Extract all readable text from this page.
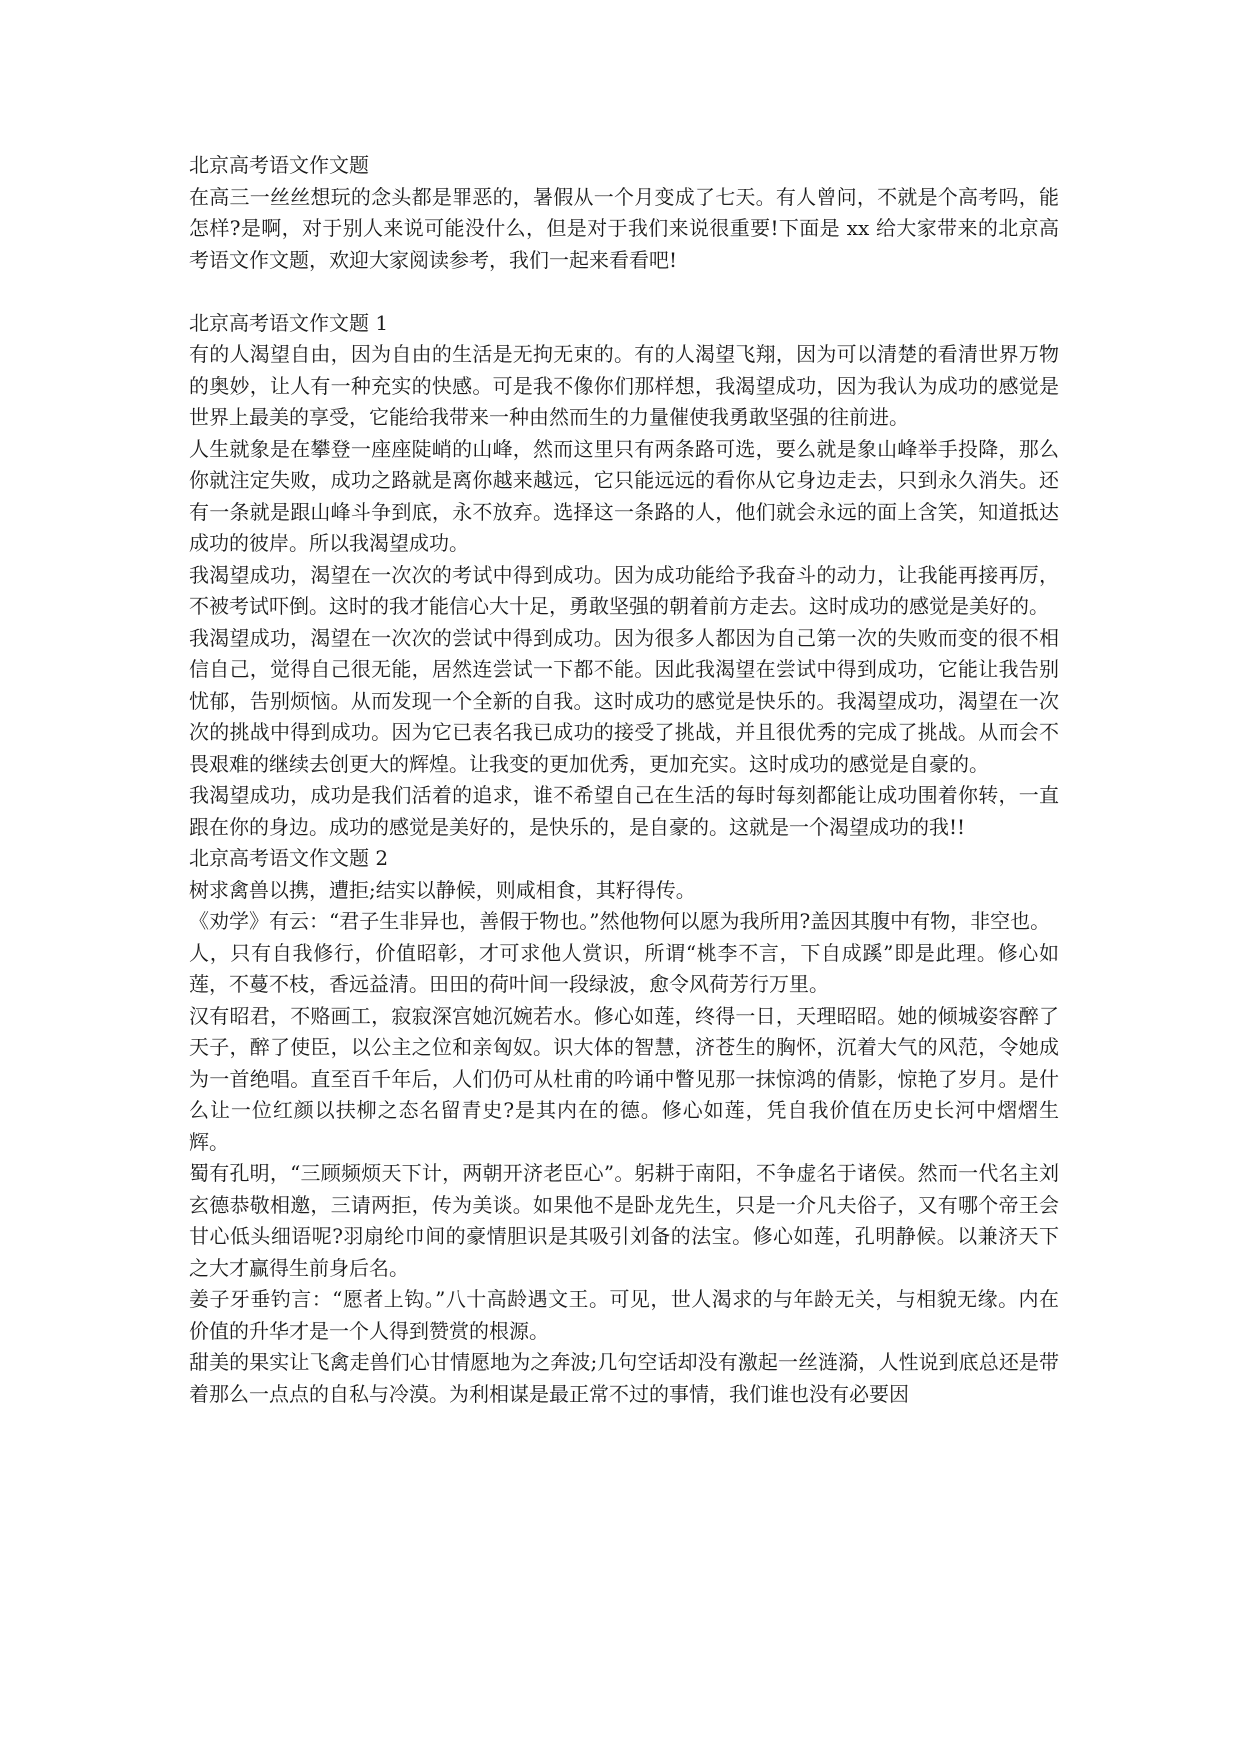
北京高考语文作文题

在高三一丝丝想玩的念头都是罪恶的，暑假从一个月变成了七天。有人曾问，不就是个高考吗，能怎样?是啊，对于别人来说可能没什么，但是对于我们来说很重要!下面是 xx 给大家带来的北京高考语文作文题，欢迎大家阅读参考，我们一起来看看吧!

北京高考语文作文题 1

有的人渴望自由，因为自由的生活是无拘无束的。有的人渴望飞翔，因为可以清楚的看清世界万物的奥妙，让人有一种充实的快感。可是我不像你们那样想，我渴望成功，因为我认为成功的感觉是世界上最美的享受，它能给我带来一种由然而生的力量催使我勇敢坚强的往前进。

人生就象是在攀登一座座陡峭的山峰，然而这里只有两条路可选，要么就是象山峰举手投降，那么你就注定失败，成功之路就是离你越来越远，它只能远远的看你从它身边走去，只到永久消失。还有一条就是跟山峰斗争到底，永不放弃。选择这一条路的人，他们就会永远的面上含笑，知道抵达成功的彼岸。所以我渴望成功。

我渴望成功，渴望在一次次的考试中得到成功。因为成功能给予我奋斗的动力，让我能再接再厉，不被考试吓倒。这时的我才能信心大十足，勇敢坚强的朝着前方走去。这时成功的感觉是美好的。

我渴望成功，渴望在一次次的尝试中得到成功。因为很多人都因为自己第一次的失败而变的很不相信自己，觉得自己很无能，居然连尝试一下都不能。因此我渴望在尝试中得到成功，它能让我告别忧郁，告别烦恼。从而发现一个全新的自我。这时成功的感觉是快乐的。我渴望成功，渴望在一次次的挑战中得到成功。因为它已表名我已成功的接受了挑战，并且很优秀的完成了挑战。从而会不畏艰难的继续去创更大的辉煌。让我变的更加优秀，更加充实。这时成功的感觉是自豪的。

我渴望成功，成功是我们活着的追求，谁不希望自己在生活的每时每刻都能让成功围着你转，一直跟在你的身边。成功的感觉是美好的，是快乐的，是自豪的。这就是一个渴望成功的我!!

北京高考语文作文题 2

树求禽兽以携，遭拒;结实以静候，则咸相食，其籽得传。

《劝学》有云：“君子生非异也，善假于物也。”然他物何以愿为我所用?盖因其腹中有物，非空也。

人，只有自我修行，价值昭彰，才可求他人赏识，所谓“桃李不言，下自成蹊”即是此理。修心如莲，不蔓不枝，香远益清。田田的荷叶间一段绿波，愈令风荷芳行万里。

汉有昭君，不赂画工，寂寂深宫她沉婉若水。修心如莲，终得一日，天理昭昭。她的倾城姿容醉了天子，醉了使臣，以公主之位和亲匈奴。识大体的智慧，济苍生的胸怀，沉着大气的风范，令她成为一首绝唱。直至百千年后，人们仍可从杜甫的吟诵中瞥见那一抹惊鸿的倩影，惊艳了岁月。是什么让一位红颜以扶柳之态名留青史?是其内在的德。修心如莲，凭自我价值在历史长河中熠熠生辉。

蜀有孔明，“三顾频烦天下计，两朝开济老臣心”。躬耕于南阳，不争虚名于诸侯。然而一代名主刘玄德恭敬相邀，三请两拒，传为美谈。如果他不是卧龙先生，只是一介凡夫俗子，又有哪个帝王会甘心低头细语呢?羽扇纶巾间的豪情胆识是其吸引刘备的法宝。修心如莲，孔明静候。以兼济天下之大才赢得生前身后名。

姜子牙垂钓言：“愿者上钩。”八十高龄遇文王。可见，世人渴求的与年龄无关，与相貌无缘。内在价值的升华才是一个人得到赞赏的根源。

甜美的果实让飞禽走兽们心甘情愿地为之奔波;几句空话却没有激起一丝涟漪，人性说到底总还是带着那么一点点的自私与冷漠。为利相谋是最正常不过的事情，我们谁也没有必要因
